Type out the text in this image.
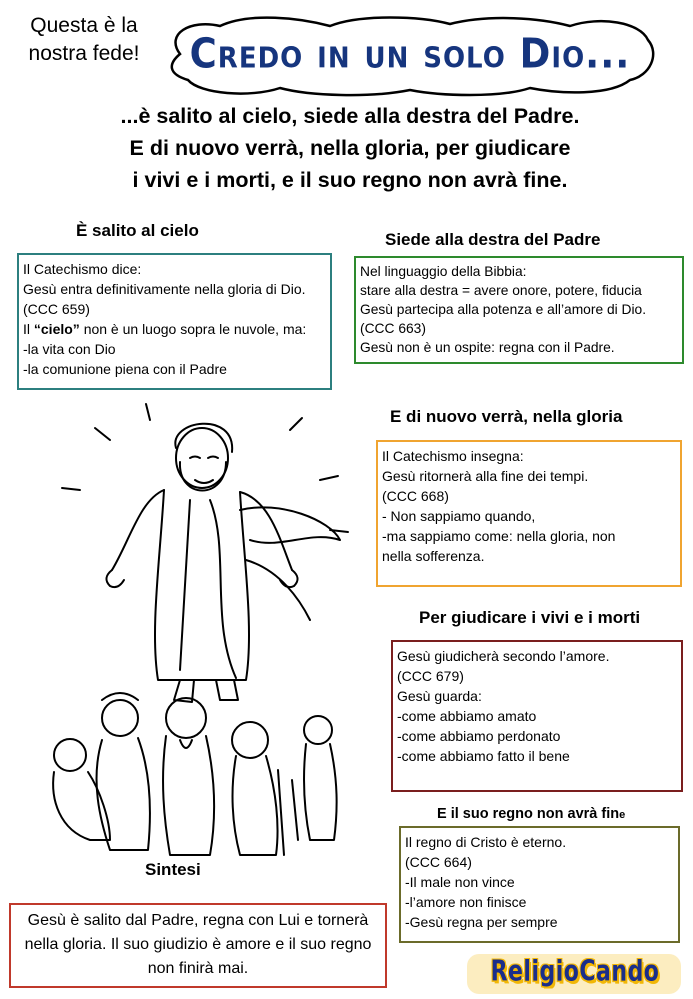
Questa è la nostra fede!	Credo in un solo Dio...
...è salito al cielo, siede alla destra del Padre.
E di nuovo verrà, nella gloria, per giudicare
i vivi e i morti, e il suo regno non avrà fine.
È salito al cielo

Il Catechismo dice:

Gesù entra definitivamente nella gloria di Dio.

(CCC 659)

Il “cielo” non è un luogo sopra le nuvole, ma:

-la vita con Dio

-la comunione piena con il Padre

Siede alla destra del Padre

Nel linguaggio della Bibbia:

stare alla destra = avere onore, potere, fiducia

Gesù partecipa alla potenza e all’amore di Dio.

(CCC 663)

Gesù non è un ospite: regna con il Padre.

E di nuovo verrà, nella gloria

Il Catechismo insegna:

Gesù ritornerà alla fine dei tempi.

(CCC 668)

- Non sappiamo quando,

-ma sappiamo come: nella gloria, non

nella sofferenza.

Per giudicare i vivi e i morti

Gesù giudicherà secondo l’amore.

(CCC 679)

Gesù guarda:

-come abbiamo amato

-come abbiamo perdonato

-come abbiamo fatto il bene

E il suo regno non avrà fine

Il regno di Cristo è eterno.

(CCC 664)

-Il male non vince

-l’amore non finisce

-Gesù regna per sempre

Sintesi
Gesù è salito dal Padre, regna con Lui e tornerà nella gloria. Il suo giudizio è amore e il suo regno non finirà mai.	ReligioCando
